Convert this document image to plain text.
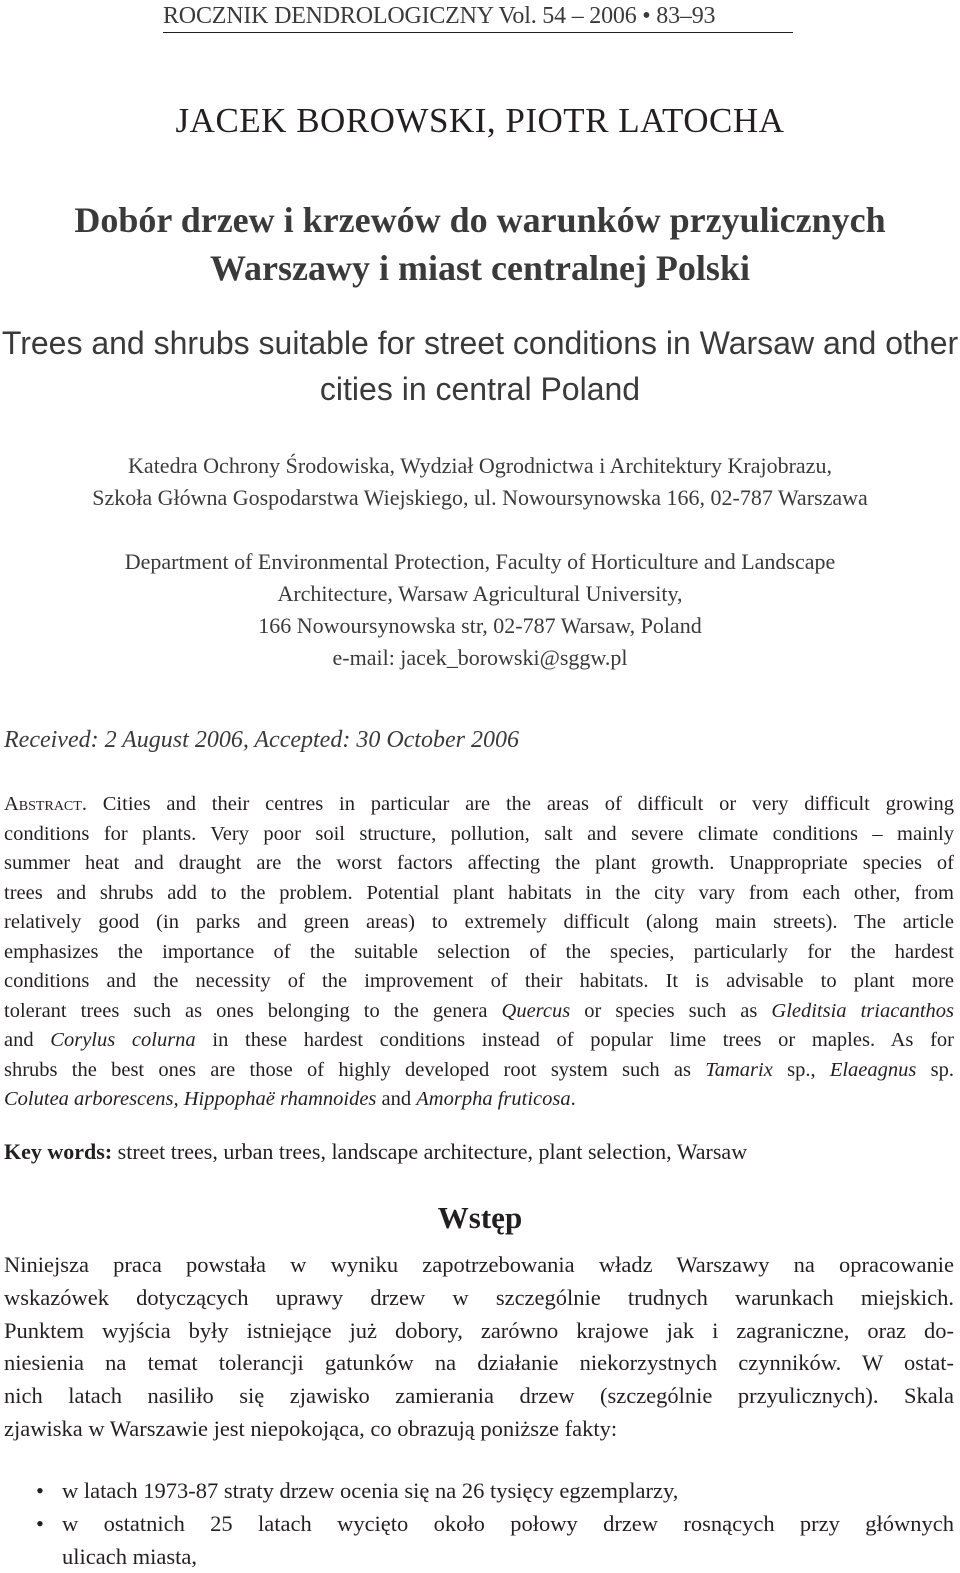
ROCZNIK DENDROLOGICZNY Vol. 54 – 2006 • 83–93
JACEK BOROWSKI, PIOTR LATOCHA
Dobór drzew i krzewów do warunków przyulicznych
Warszawy i miast centralnej Polski
Trees and shrubs suitable for street conditions in Warsaw and other
cities in central Poland
Katedra Ochrony Środowiska, Wydział Ogrodnictwa i Architektury Krajobrazu,
Szkoła Główna Gospodarstwa Wiejskiego, ul. Nowoursynowska 166, 02-787 Warszawa
Department of Environmental Protection, Faculty of Horticulture and Landscape
Architecture, Warsaw Agricultural University,
166 Nowoursynowska str, 02-787 Warsaw, Poland
e-mail: jacek_borowski@sggw.pl
Received: 2 August 2006, Accepted: 30 October 2006
Abstract. Cities and their centres in particular are the areas of difficult or very difficult growing
conditions for plants. Very poor soil structure, pollution, salt and severe climate conditions – mainly
summer heat and draught are the worst factors affecting the plant growth. Unappropriate species of
trees and shrubs add to the problem. Potential plant habitats in the city vary from each other, from
relatively good (in parks and green areas) to extremely difficult (along main streets). The article
emphasizes the importance of the suitable selection of the species, particularly for the hardest
conditions and the necessity of the improvement of their habitats. It is advisable to plant more
tolerant trees such as ones belonging to the genera Quercus or species such as Gleditsia triacanthos
and Corylus colurna in these hardest conditions instead of popular lime trees or maples. As for
shrubs the best ones are those of highly developed root system such as Tamarix sp., Elaeagnus sp.
Colutea arborescens, Hippophaë rhamnoides and Amorpha fruticosa.
Key words: street trees, urban trees, landscape architecture, plant selection, Warsaw
Wstęp
Niniejsza praca powstała w wyniku zapotrzebowania władz Warszawy na opracowanie
wskazówek dotyczących uprawy drzew w szczególnie trudnych warunkach miejskich.
Punktem wyjścia były istniejące już dobory, zarówno krajowe jak i zagraniczne, oraz do-
niesienia na temat tolerancji gatunków na działanie niekorzystnych czynników. W ostat-
nich latach nasiliło się zjawisko zamierania drzew (szczególnie przyulicznych). Skala
zjawiska w Warszawie jest niepokojąca, co obrazują poniższe fakty:
• w latach 1973-87 straty drzew ocenia się na 26 tysięcy egzemplarzy,
• w ostatnich 25 latach wycięto około połowy drzew rosnących przy głównych
ulicach miasta,
